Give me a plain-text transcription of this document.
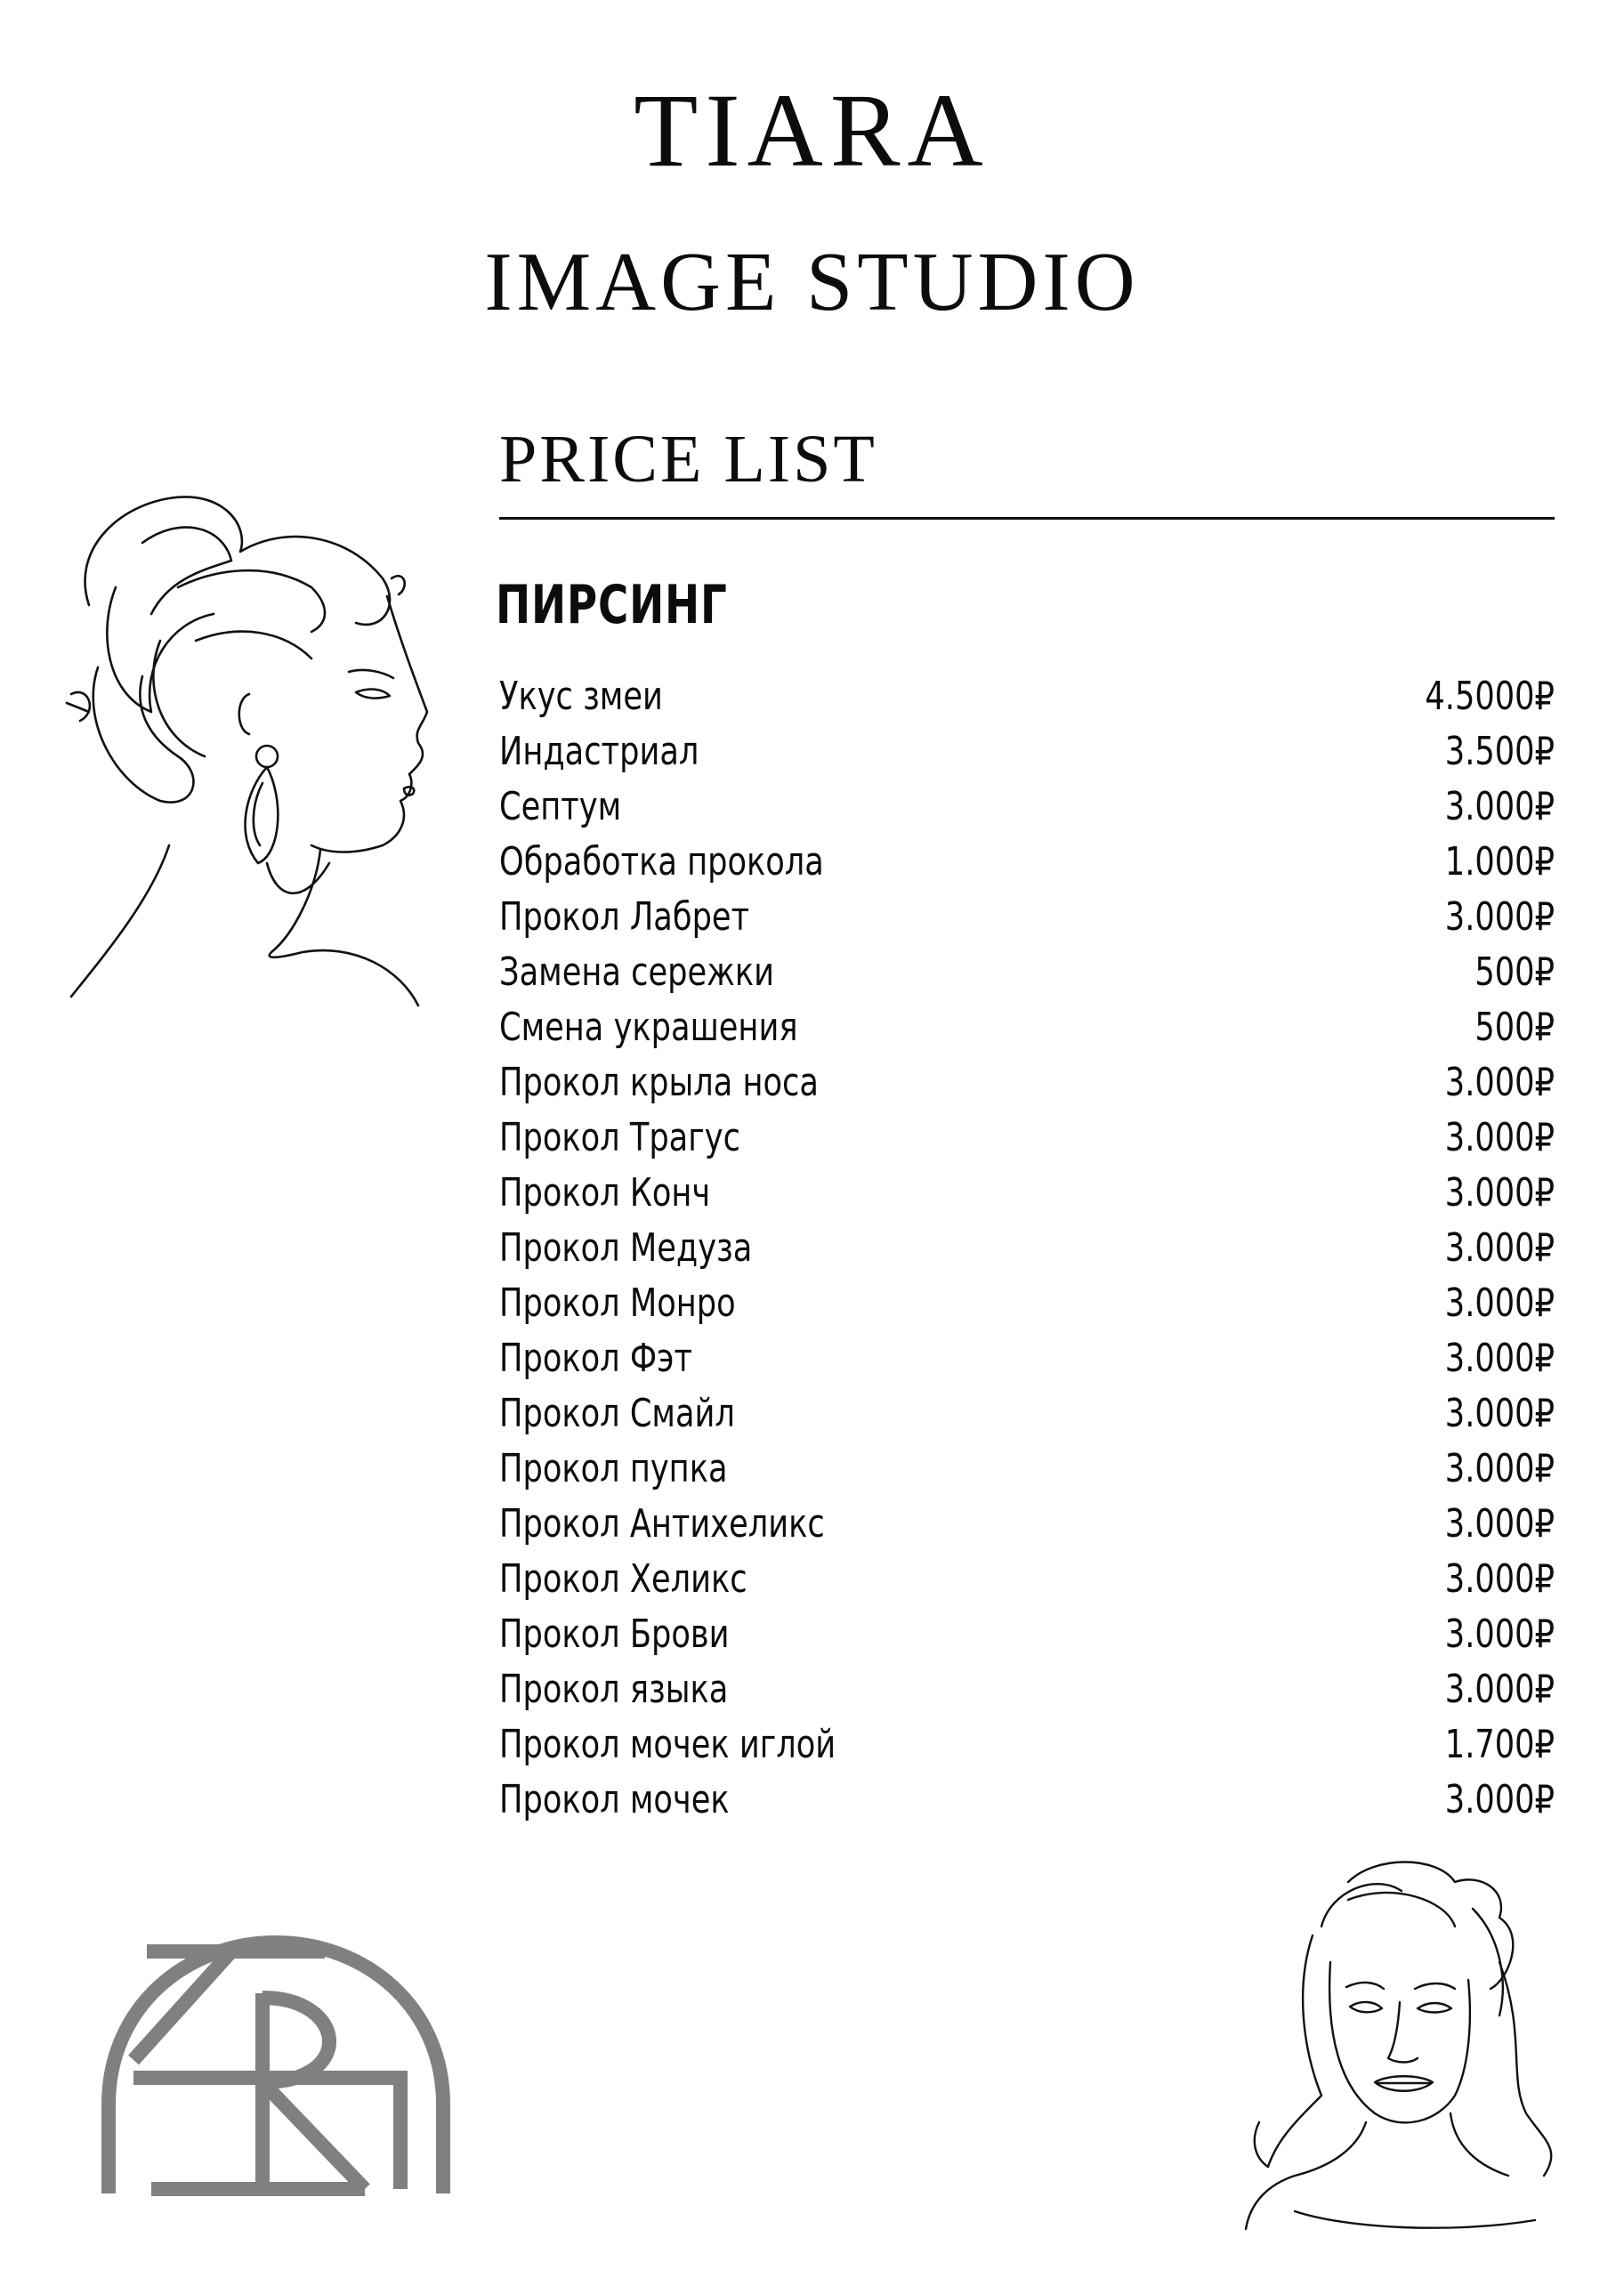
TIARA
IMAGE STUDIO
PRICE LIST
ПИРСИНГ
Укус змеи	4.5000₽
Индастриал	3.500₽
Септум	3.000₽
Обработка прокола	1.000₽
Прокол Лабрет	3.000₽
Замена сережки	500₽
Смена украшения	500₽
Прокол крыла носа	3.000₽
Прокол Трагус	3.000₽
Прокол Конч	3.000₽
Прокол Медуза	3.000₽
Прокол Монро	3.000₽
Прокол Фэт	3.000₽
Прокол Смайл	3.000₽
Прокол пупка	3.000₽
Прокол Антихеликс	3.000₽
Прокол Хеликс	3.000₽
Прокол Брови	3.000₽
Прокол языка	3.000₽
Прокол мочек иглой	1.700₽
Прокол мочек	3.000₽
